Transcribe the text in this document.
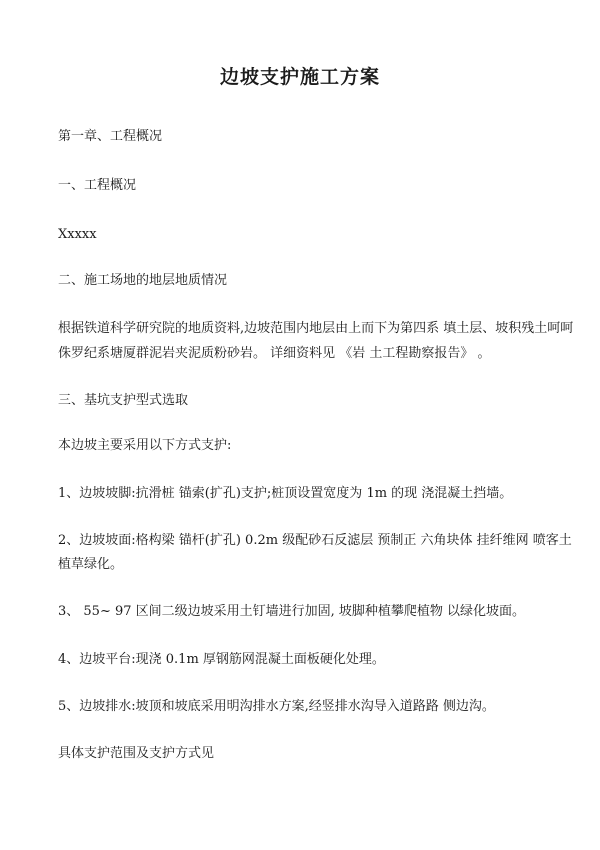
边坡支护施工方案

第一章、工程概况

一、工程概况

Xxxxx

二、施工场地的地层地质情况

根据铁道科学研究院的地质资料,边坡范围内地层由上而下为第四系 填土层、坡积残土呵呵

侏罗纪系塘厦群泥岩夹泥质粉砂岩。 详细资料见 《岩 土工程勘察报告》 。

三、基坑支护型式选取

本边坡主要采用以下方式支护:

1、边坡坡脚:抗滑桩 锚索(扩孔)支护;桩顶设置宽度为 1m 的现 浇混凝土挡墙。

2、边坡坡面:格构梁 锚杆(扩孔) 0.2m 级配砂石反滤层 预制正 六角块体 挂纤维网 喷客土

植草绿化。

3、 55~ 97 区间二级边坡采用土钉墙进行加固, 坡脚种植攀爬植物 以绿化坡面。

4、边坡平台:现浇 0.1m 厚钢筋网混凝土面板硬化处理。

5、边坡排水:坡顶和坡底采用明沟排水方案,经竖排水沟导入道路路 侧边沟。

具体支护范围及支护方式见
